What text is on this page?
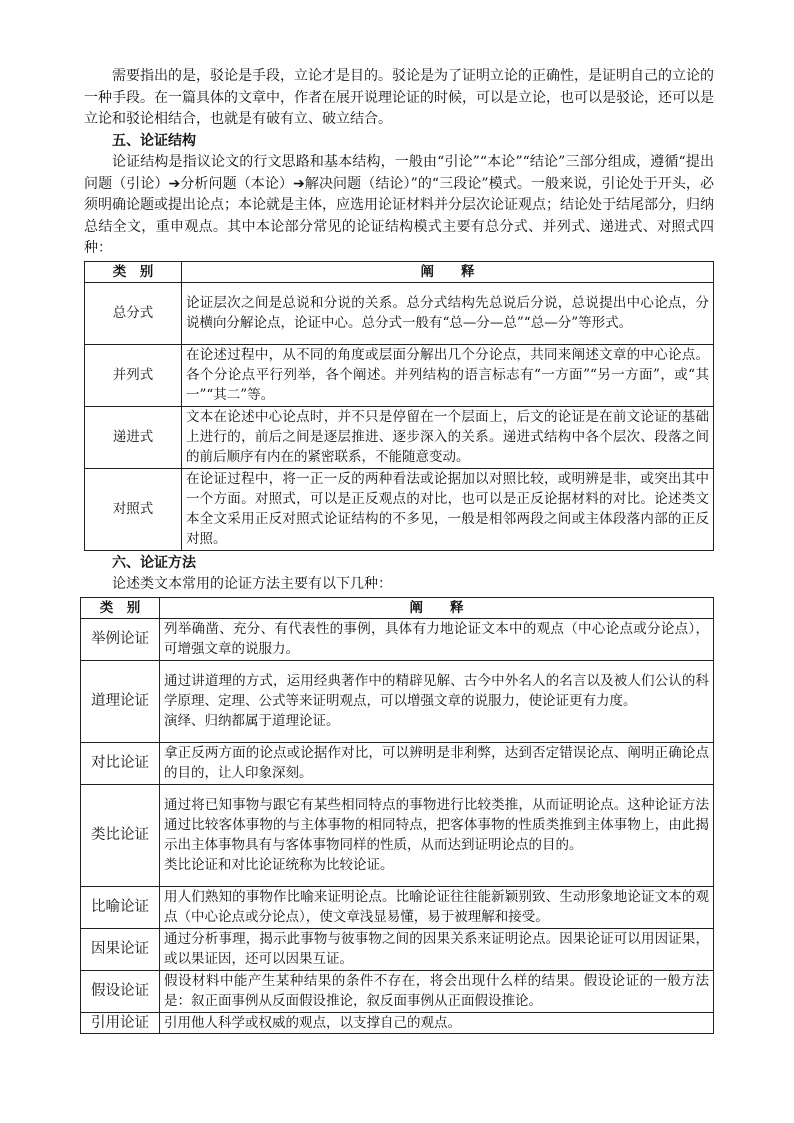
需要指出的是，驳论是手段，立论才是目的。驳论是为了证明立论的正确性，是证明自己的立论的一种手段。在一篇具体的文章中，作者在展开说理论证的时候，可以是立论，也可以是驳论，还可以是立论和驳论相结合，也就是有破有立、破立结合。

五、论证结构

论证结构是指议论文的行文思路和基本结构，一般由“引论”“本论”“结论”三部分组成，遵循“提出问题（引论）➔分析问题（本论）➔解决问题（结论）”的“三段论”模式。一般来说，引论处于开头，必须明确论题或提出论点；本论就是主体，应选用论证材料并分层次论证观点；结论处于结尾部分，归纳总结全文，重申观点。其中本论部分常见的论证结构模式主要有总分式、并列式、递进式、对照式四种：

类　别	阐　　释
总分式	论证层次之间是总说和分说的关系。总分式结构先总说后分说，总说提出中心论点，分说横向分解论点，论证中心。总分式一般有“总—分—总”“总—分”等形式。
并列式	在论述过程中，从不同的角度或层面分解出几个分论点，共同来阐述文章的中心论点。各个分论点平行列举，各个阐述。并列结构的语言标志有“一方面”“另一方面”，或“其一”“其二”等。
递进式	文本在论述中心论点时，并不只是停留在一个层面上，后文的论证是在前文论证的基础上进行的，前后之间是逐层推进、逐步深入的关系。递进式结构中各个层次、段落之间的前后顺序有内在的紧密联系，不能随意变动。
对照式	在论证过程中，将一正一反的两种看法或论据加以对照比较，或明辨是非，或突出其中一个方面。对照式，可以是正反观点的对比，也可以是正反论据材料的对比。论述类文本全文采用正反对照式论证结构的不多见，一般是相邻两段之间或主体段落内部的正反对照。
六、论证方法

论述类文本常用的论证方法主要有以下几种：

类　别	阐　　释
举例论证	列举确凿、充分、有代表性的事例，具体有力地论证文本中的观点（中心论点或分论点），可增强文章的说服力。

道理论证	通过讲道理的方式，运用经典著作中的精辟见解、古今中外名人的名言以及被人们公认的科学原理、定理、公式等来证明观点，可以增强文章的说服力，使论证更有力度。
演绎、归纳都属于道理论证。

对比论证	拿正反两方面的论点或论据作对比，可以辨明是非利弊，达到否定错误论点、阐明正确论点的目的，让人印象深刻。

类比论证	通过将已知事物与跟它有某些相同特点的事物进行比较类推，从而证明论点。这种论证方法通过比较客体事物的与主体事物的相同特点，把客体事物的性质类推到主体事物上，由此揭示出主体事物具有与客体事物同样的性质，从而达到证明论点的目的。
类比论证和对比论证统称为比较论证。

比喻论证	用人们熟知的事物作比喻来证明论点。比喻论证往往能新颖别致、生动形象地论证文本的观点（中心论点或分论点），使文章浅显易懂，易于被理解和接受。

因果论证	通过分析事理，揭示此事物与彼事物之间的因果关系来证明论点。因果论证可以用因证果，或以果证因，还可以因果互证。

假设论证	假设材料中能产生某种结果的条件不存在，将会出现什么样的结果。假设论证的一般方法是：叙正面事例从反面假设推论，叙反面事例从正面假设推论。

引用论证	引用他人科学或权威的观点，以支撑自己的观点。
